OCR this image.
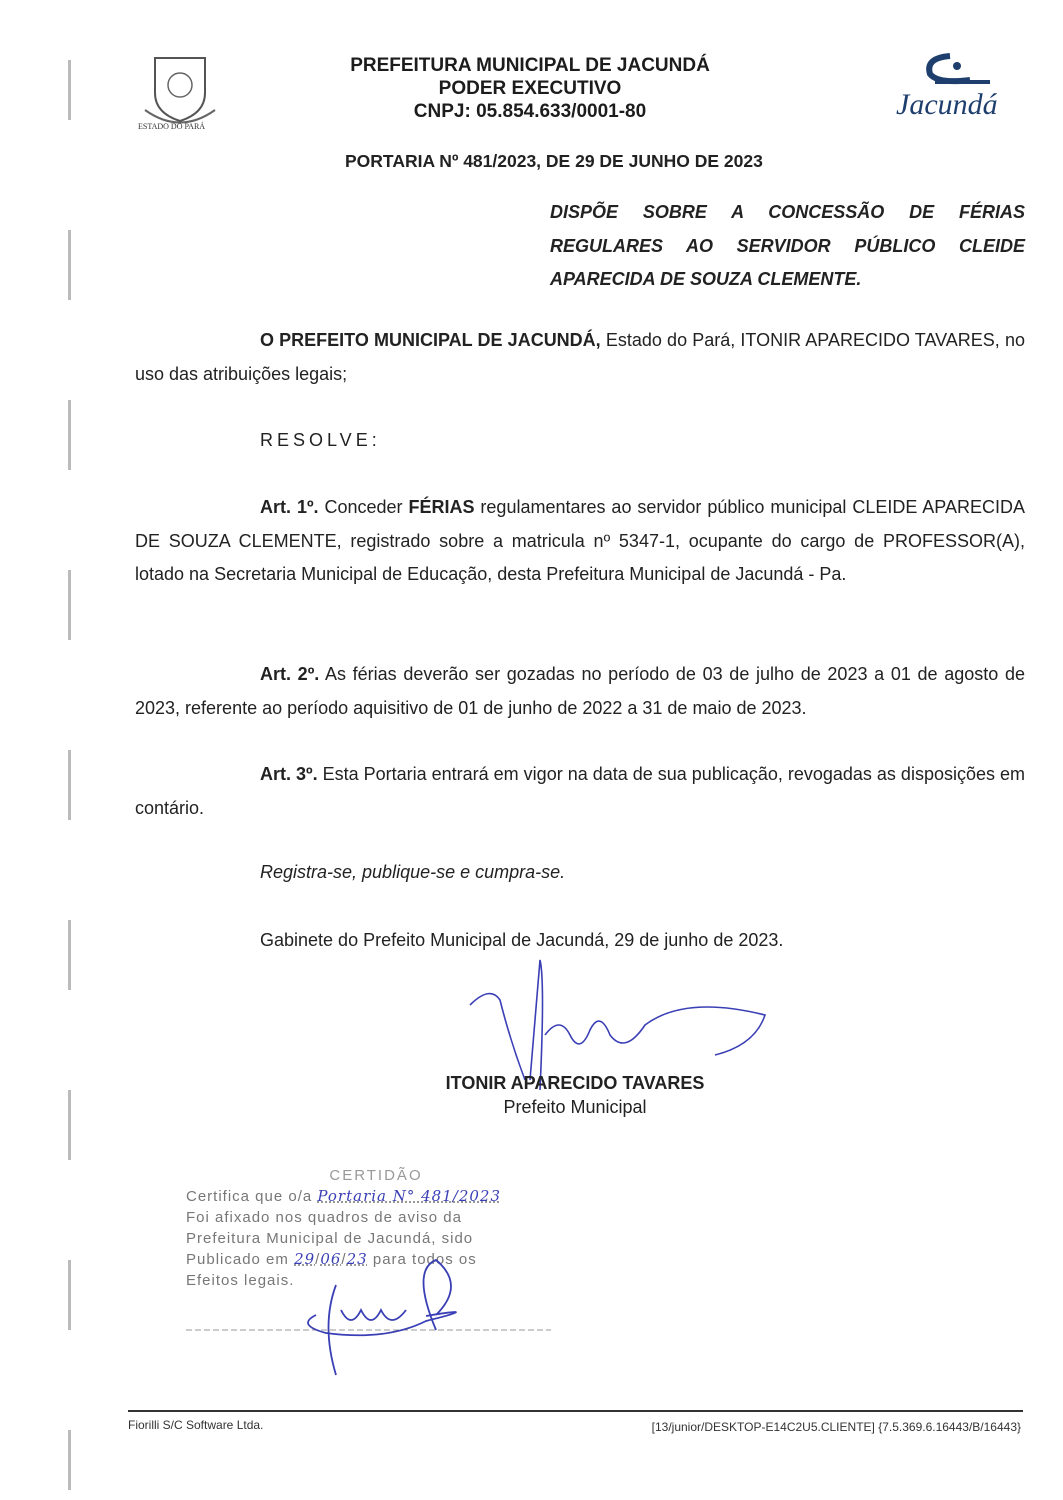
ESTADO DO PARÁ
PREFEITURA MUNICIPAL DE JACUNDÁ
PODER EXECUTIVO
CNPJ: 05.854.633/0001-80	Jacundá
PORTARIA Nº 481/2023, DE 29 DE JUNHO DE 2023
DISPÕE SOBRE A CONCESSÃO DE FÉRIAS
REGULARES AO SERVIDOR PÚBLICO CLEIDE
APARECIDA DE SOUZA CLEMENTE.
O PREFEITO MUNICIPAL DE JACUNDÁ, Estado do Pará, ITONIR APARECIDO TAVARES, no uso das atribuições legais;
RESOLVE:
Art. 1º. Conceder FÉRIAS regulamentares ao servidor público municipal CLEIDE APARECIDA DE SOUZA CLEMENTE, registrado sobre a matricula nº 5347-1, ocupante do cargo de PROFESSOR(A), lotado na Secretaria Municipal de Educação, desta Prefeitura Municipal de Jacundá - Pa.
Art. 2º. As férias deverão ser gozadas no período de 03 de julho de 2023 a 01 de agosto de 2023, referente ao período aquisitivo de 01 de junho de 2022 a 31 de maio de 2023.
Art. 3º. Esta Portaria entrará em vigor na data de sua publicação, revogadas as disposições em contário.
Registra-se, publique-se e cumpra-se.
Gabinete do Prefeito Municipal de Jacundá, 29 de junho de 2023.
ITONIR APARECIDO TAVARES
Prefeito Municipal
CERTIDÃO
Certifica que o/a Portaria N° 481/2023
Foi afixado nos quadros de aviso da
Prefeitura Municipal de Jacundá, sido
Publicado em 29/06/23 para todos os
Efeitos legais.
Fiorilli S/C Software Ltda.	[13/junior/DESKTOP-E14C2U5.CLIENTE] {7.5.369.6.16443/B/16443}
